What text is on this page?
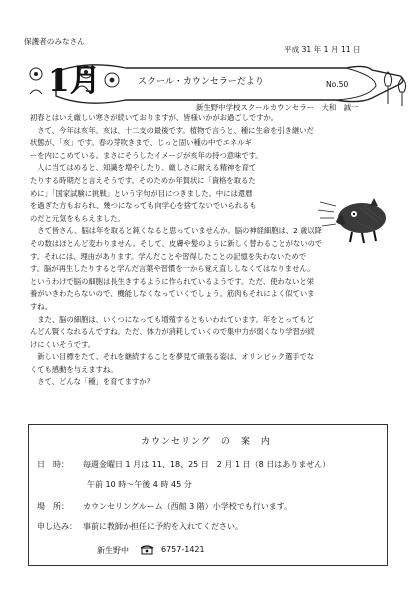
保護者のみなさん
平成 31 年 1 月 11 日
1月	スクール・カウンセラーだより	No.50
新生野中学校スクールカウンセラー　大和　誠一

初春とはいえ厳しい寒さが続いておりますが、皆様いかがお過ごしですか。

　さて、今年は亥年。亥は、十二支の最後です。植物で言うと、種に生命を引き継いだ

状態が、「亥」です。春の芽吹きまで、じっと固い種の中でエネルギ

ーを内にこめている。まさにそうしたイメージが亥年の持つ意味です。

　人に当てはめると、知識を増やしたり、厳しさに耐える精神を育て

たりする時期だと言えそうです。そのためか年賀状に「資格を取るた

めに」「国家試験に挑戦」という字句が目につきました。中には還暦

を過ぎた方もおられ、幾つになっても向学心を捨てないでいられるも

のだと元気をもらえました。

　さて皆さん、脳は年を取ると鈍くなると思っていませんか。脳の神経細胞は、2 歳以降

その数はほとんど変わりません。そして、皮膚や髪のように新しく替わることがないので

す。それには、理由があります。学んだことや習得したことの記憶を失わないためで

す。脳が再生したりすると学んだ言葉や習慣を一から覚え直ししなくてはなりません。

というわけで脳の細胞は長生きするように作られているようです。ただ、使わないと栄

養がいきわたらないので、機能しなくなっていくでしょう。筋肉もそれによく似ていま

すね。

　また、脳の細胞は、いくつになっても増殖するともいわれています。年をとってもど

んどん賢くなれるんですね。ただ、体力が消耗していくので集中力が弱くなり学習が続

けにくいそうです。

　新しい目標をたて、それを継続することを夢見て頑張る姿は、オリンピック選手でな

くても感動を与えますね。

　さて、どんな「種」を育てますか？

カウンセリング　の　案　内
日　時： 毎週金曜日 1 月は 11、18、25 日　2 月 1 日（8 日はありません）
午前 10 時〜午後 4 時 45 分
場　所： カウンセリングルーム（西館 3 階）小学校でも行います。
申し込み： 事前に教師か担任に予約を入れてください。
新生野中	6757-1421
